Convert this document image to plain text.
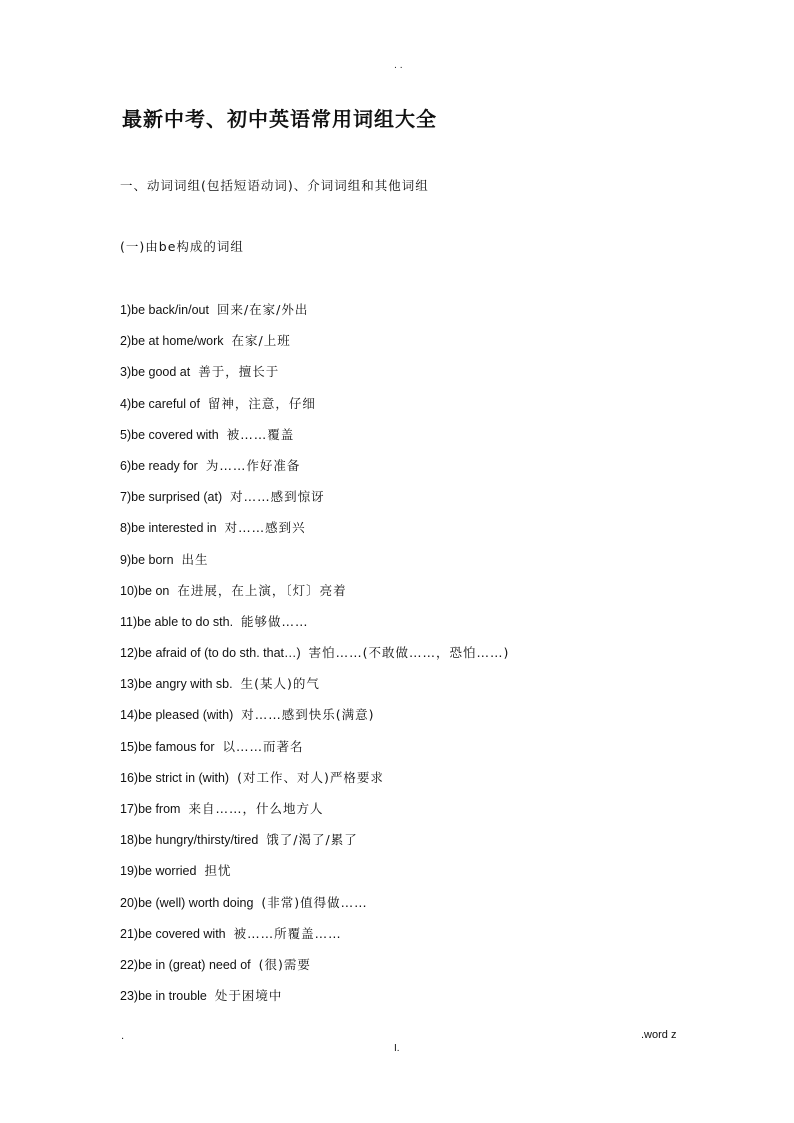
. .
最新中考、初中英语常用词组大全
一、动词词组(包括短语动词)、介词词组和其他词组
(一)由be构成的词组
1)be back/in/out 回来/在家/外出
2)be at home/work 在家/上班
3)be good at 善于，擅长于
4)be careful of 留神，注意，仔细
5)be covered with 被……覆盖
6)be ready for 为……作好准备
7)be surprised (at) 对……感到惊讶
8)be interested in 对……感到兴
9)be born 出生
10)be on 在进展，在上演，〔灯〕亮着
11)be able to do sth. 能够做……
12)be afraid of (to do sth. that…) 害怕……(不敢做……，恐怕……)
13)be angry with sb. 生(某人)的气
14)be pleased (with) 对……感到快乐(满意)
15)be famous for 以……而著名
16)be strict in (with) (对工作、对人)严格要求
17)be from 来自……，什么地方人
18)be hungry/thirsty/tired 饿了/渴了/累了
19)be worried 担忧
20)be (well) worth doing (非常)值得做……
21)be covered with 被……所覆盖……
22)be in (great) need of (很)需要
23)be in trouble 处于困境中
.	.word z
I.
